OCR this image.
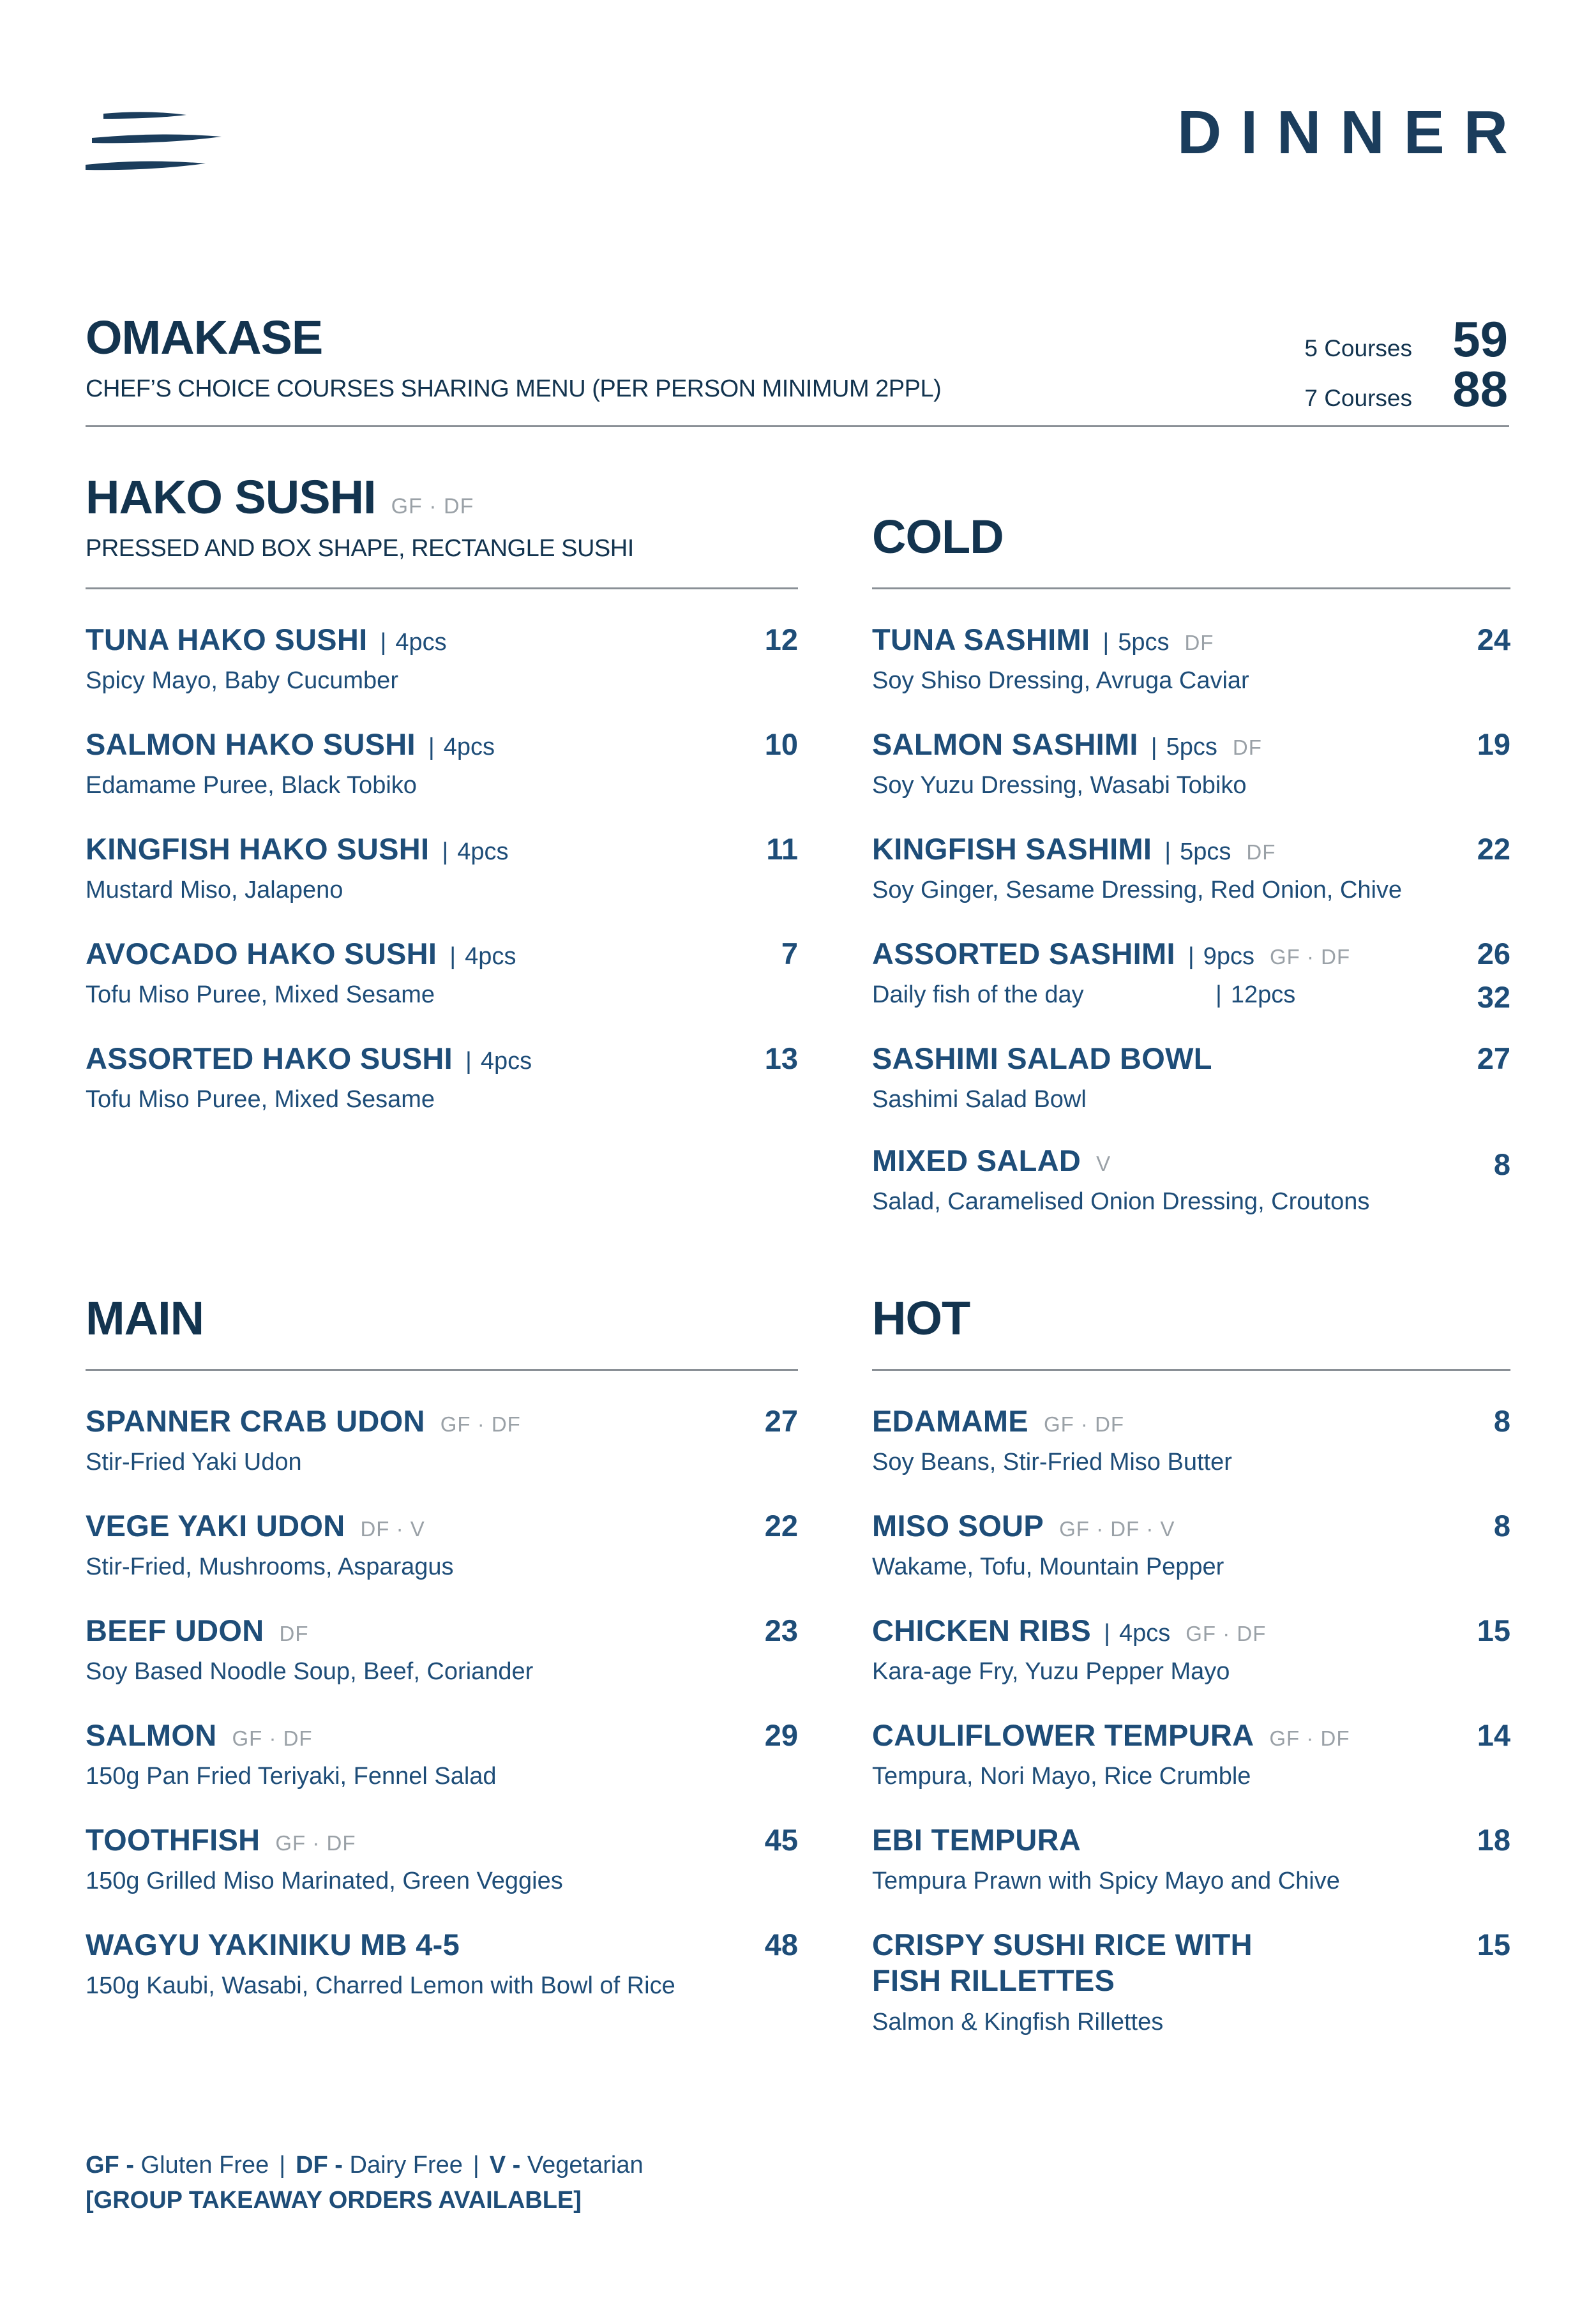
DINNER
OMAKASE
CHEF’S CHOICE COURSES SHARING MENU (PER PERSON MINIMUM 2PPL)
5 Courses 59
7 Courses 88
HAKO SUSHI GF · DF
PRESSED AND BOX SHAPE, RECTANGLE SUSHI
TUNA HAKO SUSHI	| 4pcs
Spicy Mayo, Baby Cucumber
12
SALMON HAKO SUSHI	| 4pcs
Edamame Puree, Black Tobiko
10
KINGFISH HAKO SUSHI	| 4pcs
Mustard Miso, Jalapeno
11
AVOCADO HAKO SUSHI	| 4pcs
Tofu Miso Puree, Mixed Sesame
7
ASSORTED HAKO SUSHI	| 4pcs
Tofu Miso Puree, Mixed Sesame
13
COLD
TUNA SASHIMI	| 5pcs DF
Soy Shiso Dressing, Avruga Caviar
24
SALMON SASHIMI	| 5pcs DF
Soy Yuzu Dressing, Wasabi Tobiko
19
KINGFISH SASHIMI	| 5pcs DF
Soy Ginger, Sesame Dressing, Red Onion, Chive
22
ASSORTED SASHIMI	| 9pcs GF · DF
Daily fish of the day	| 12pcs
26
32
SASHIMI SALAD BOWL
Sashimi Salad Bowl
27
MIXED SALAD V
Salad, Caramelised Onion Dressing, Croutons
8
MAIN
SPANNER CRAB UDON GF · DF
Stir-Fried Yaki Udon
27
VEGE YAKI UDON DF · V
Stir-Fried, Mushrooms, Asparagus
22
BEEF UDON DF
Soy Based Noodle Soup, Beef, Coriander
23
SALMON GF · DF
150g Pan Fried Teriyaki, Fennel Salad
29
TOOTHFISH GF · DF
150g Grilled Miso Marinated, Green Veggies
45
WAGYU YAKINIKU MB 4-5
150g Kaubi, Wasabi, Charred Lemon with Bowl of Rice
48
HOT
EDAMAME GF · DF
Soy Beans, Stir-Fried Miso Butter
8
MISO SOUP GF · DF · V
Wakame, Tofu, Mountain Pepper
8
CHICKEN RIBS	| 4pcs GF · DF
Kara-age Fry, Yuzu Pepper Mayo
15
CAULIFLOWER TEMPURA GF · DF
Tempura, Nori Mayo, Rice Crumble
14
EBI TEMPURA
Tempura Prawn with Spicy Mayo and Chive
18
CRISPY SUSHI RICE WITH
FISH RILLETTES
Salmon & Kingfish Rillettes
15
GF - Gluten Free | DF - Dairy Free | V - Vegetarian
[GROUP TAKEAWAY ORDERS AVAILABLE]
